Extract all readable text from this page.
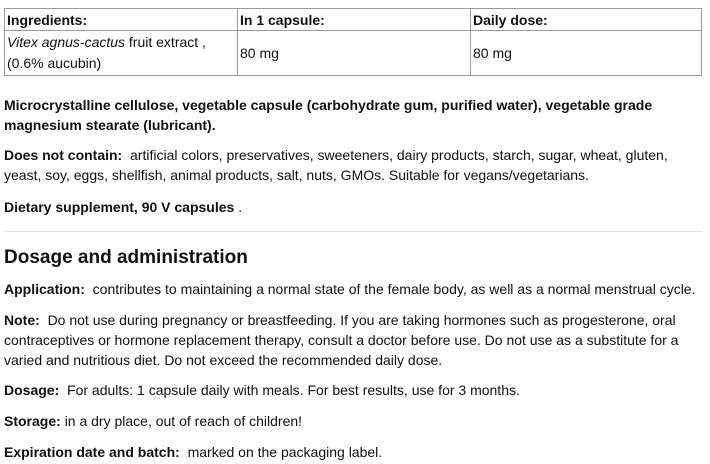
Ingredients:	In 1 capsule:	Daily dose:
Vitex agnus-cactus fruit extract ,
(0.6% aucubin)	80 mg	80 mg

Microcrystalline cellulose, vegetable capsule (carbohydrate gum, purified water), vegetable grade magnesium stearate (lubricant).

Does not contain: artificial colors, preservatives, sweeteners, dairy products, starch, sugar, wheat, gluten, yeast, soy, eggs, shellfish, animal products, salt, nuts, GMOs. Suitable for vegans/vegetarians.

Dietary supplement, 90 V capsules .

Dosage and administration

Application: contributes to maintaining a normal state of the female body, as well as a normal menstrual cycle.

Note: Do not use during pregnancy or breastfeeding. If you are taking hormones such as progesterone, oral contraceptives or hormone replacement therapy, consult a doctor before use. Do not use as a substitute for a varied and nutritious diet. Do not exceed the recommended daily dose.

Dosage: For adults: 1 capsule daily with meals. For best results, use for 3 months.

Storage: in a dry place, out of reach of children!

Expiration date and batch: marked on the packaging label.
